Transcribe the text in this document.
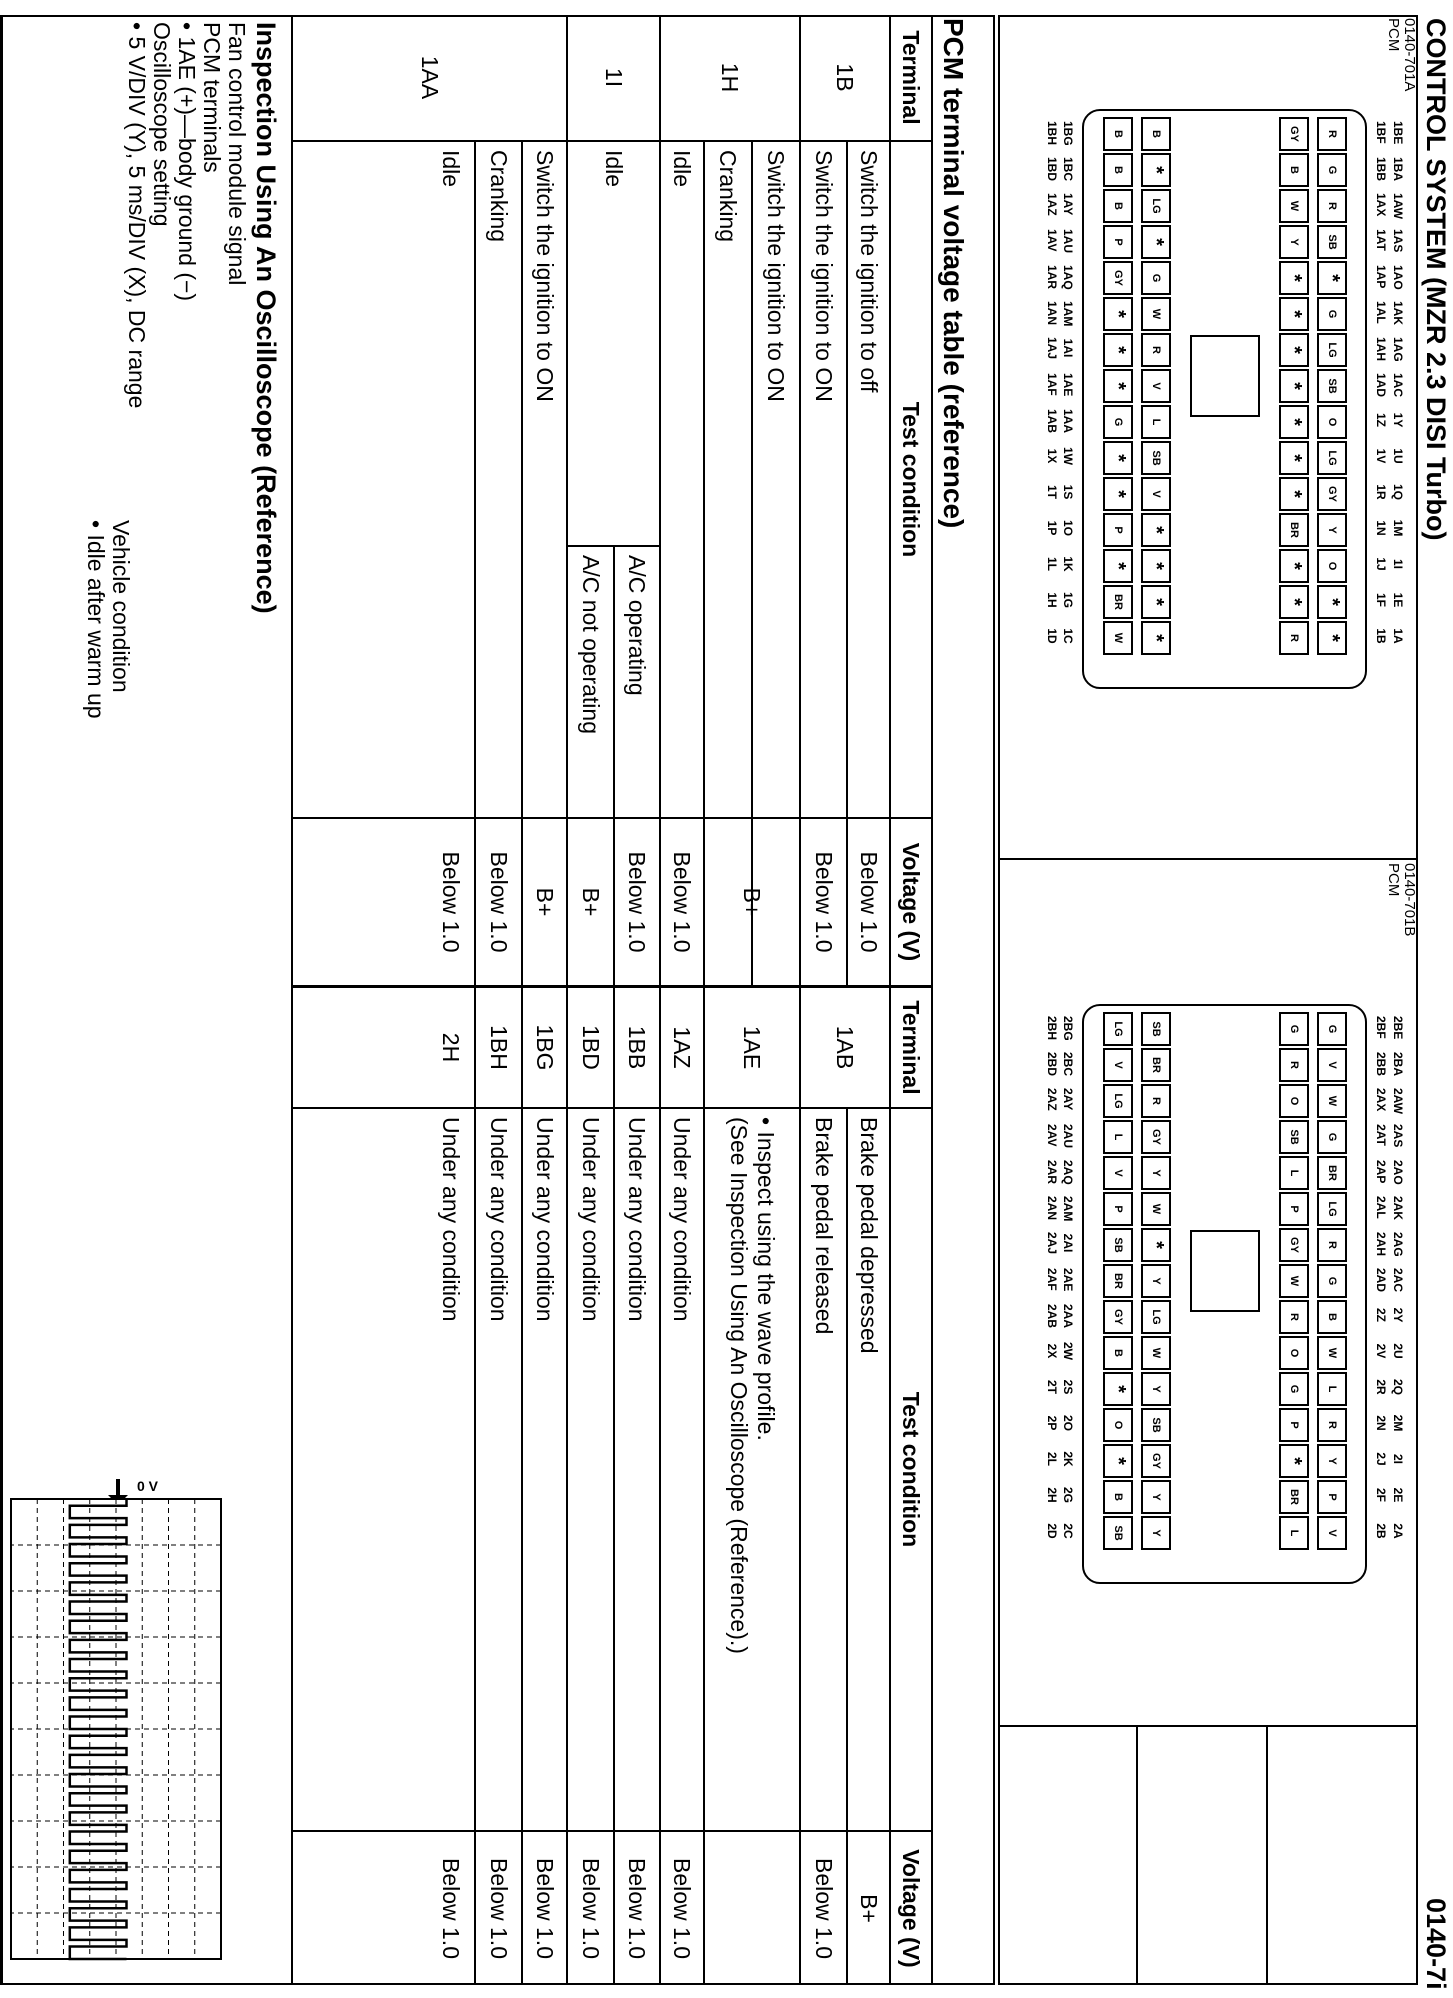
CONTROL SYSTEM (MZR 2.3 DISI Turbo)
0140-7i
0140-701A
PCM
0140-701B
PCM
PCM terminal voltage table (reference)
Terminal
Test condition
Voltage (V)
Terminal
Test condition
Voltage (V)
1B
Switch the ignition to off
Below 1.0
Switch the ignition to ON
Below 1.0
1H
Switch the ignition to ON
B+
Cranking
Idle
Below 1.0
1I
Idle
A/C operating
Below 1.0
A/C not operating
B+
1AA
Switch the ignition to ON
B+
Cranking
Below 1.0
Idle
Below 1.0
1AB
Brake pedal depressed
B+
Brake pedal released
Below 1.0
1AE
• Inspect using the wave profile.
(See Inspection Using An Oscilloscope (Reference).)
1AZ
Under any condition
Below 1.0
1BB
Under any condition
Below 1.0
1BD
Under any condition
Below 1.0
1BG
Under any condition
Below 1.0
1BH
Under any condition
Below 1.0
2H
Under any condition
Below 1.0
Inspection Using An Oscilloscope (Reference)
Fan control module signal
PCM terminals
• 1AE (+)—body ground (−)
Oscilloscope setting
• 5 V/DIV (Y), 5 ms/DIV (X), DC range
Vehicle condition
• Idle after warm up
0 V
1BE
1BA
1AW
1AS
1AO
1AK
1AG
1AC
1Y
1U
1Q
1M
1I
1E
1A
1BF
1BB
1AX
1AT
1AP
1AL
1AH
1AD
1Z
1V
1R
1N
1J
1F
1B
1BG
1BC
1AY
1AU
1AQ
1AM
1AI
1AE
1AA
1W
1S
1O
1K
1G
1C
1BH
1BD
1AZ
1AV
1AR
1AN
1AJ
1AF
1AB
1X
1T
1P
1L
1H
1D
R
G
R
SB
*
G
LG
SB
O
LG
GY
Y
O
*
*
GY
B
W
Y
*
*
*
*
*
*
*
BR
*
*
R
B
*
LG
*
G
W
R
V
L
SB
V
*
*
*
*
B
B
B
P
GY
*
*
*
G
*
*
P
*
BR
W
2BE
2BA
2AW
2AS
2AO
2AK
2AG
2AC
2Y
2U
2Q
2M
2I
2E
2A
2BF
2BB
2AX
2AT
2AP
2AL
2AH
2AD
2Z
2V
2R
2N
2J
2F
2B
2BG
2BC
2AY
2AU
2AQ
2AM
2AI
2AE
2AA
2W
2S
2O
2K
2G
2C
2BH
2BD
2AZ
2AV
2AR
2AN
2AJ
2AF
2AB
2X
2T
2P
2L
2H
2D
G
V
W
G
BR
LG
R
G
B
W
L
R
Y
P
V
G
R
O
SB
L
P
GY
W
R
O
G
P
*
BR
L
SB
BR
R
GY
Y
W
*
Y
LG
W
Y
SB
GY
Y
Y
LG
V
LG
L
V
P
SB
BR
GY
B
*
O
*
B
SB
